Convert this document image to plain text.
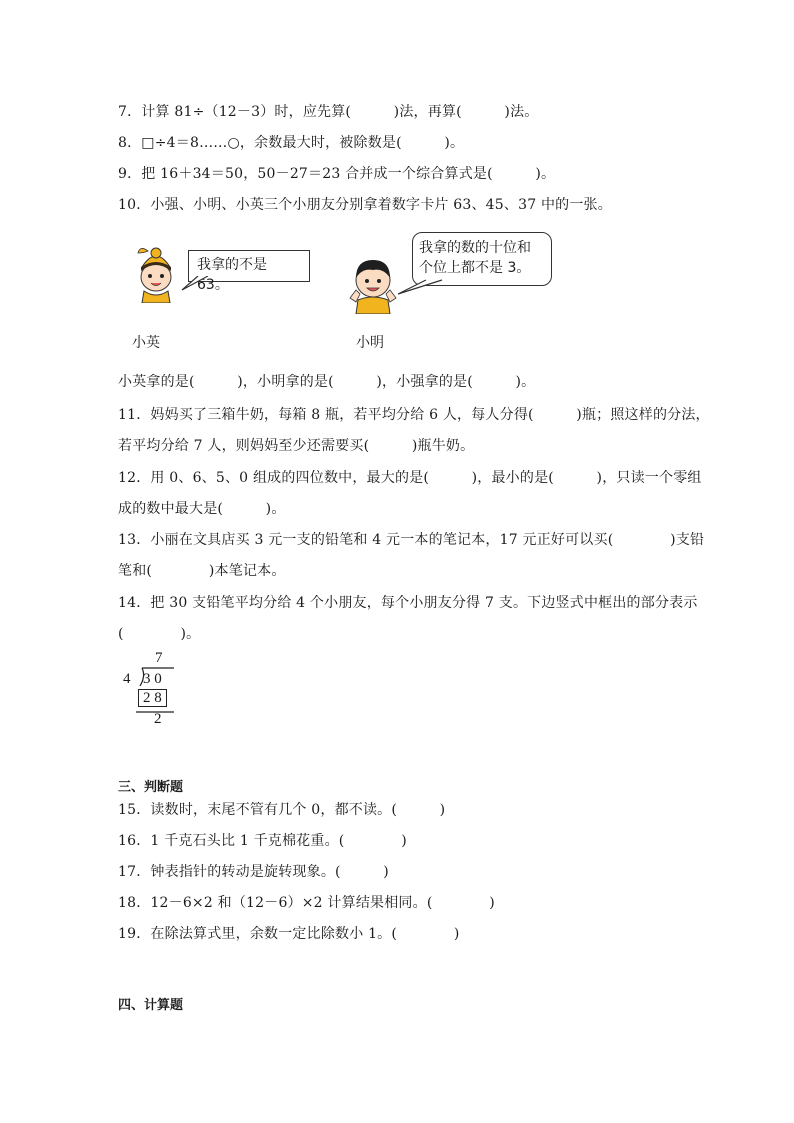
7．计算 81÷（12－3）时，应先算(　　　)法，再算(　　　)法。
8．□÷4＝8……○，余数最大时，被除数是(　　　)。
9．把 16＋34＝50，50－27＝23 合并成一个综合算式是(　　　)。
10．小强、小明、小英三个小朋友分别拿着数字卡片 63、45、37 中的一张。
我拿的不是 63。
我拿的数的十位和
个位上都不是 3。
小英	小明
小英拿的是(　　　)，小明拿的是(　　　)，小强拿的是(　　　)。
11．妈妈买了三箱牛奶，每箱 8 瓶，若平均分给 6 人，每人分得(　　　)瓶；照这样的分法，
若平均分给 7 人，则妈妈至少还需要买(　　　)瓶牛奶。
12．用 0、6、5、0 组成的四位数中，最大的是(　　　)，最小的是(　　　)，只读一个零组
成的数中最大是(　　　)。
13．小丽在文具店买 3 元一支的铅笔和 4 元一本的笔记本，17 元正好可以买(　　　　)支铅
笔和(　　　　)本笔记本。
14．把 30 支铅笔平均分给 4 个小朋友，每个小朋友分得 7 支。下边竖式中框出的部分表示
(　　　　)。
7
4 3 0
2 8
2
三、判断题
15．读数时，末尾不管有几个 0，都不读。(　　　)
16．1 千克石头比 1 千克棉花重。(　　　　)
17．钟表指针的转动是旋转现象。(　　　)
18．12－6×2 和（12－6）×2 计算结果相同。(　　　　)
19．在除法算式里，余数一定比除数小 1。(　　　　)
四、计算题
